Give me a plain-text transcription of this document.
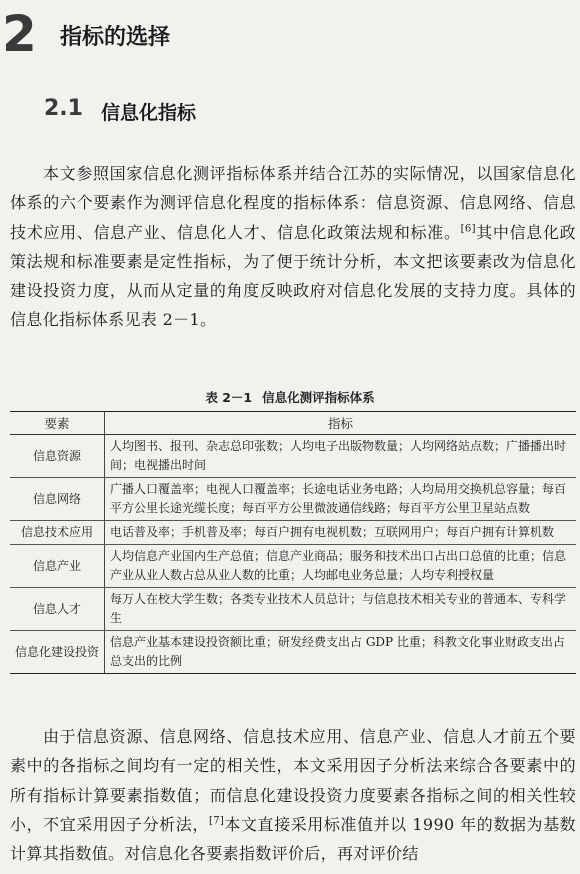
2 指标的选择
2.1 信息化指标

本文参照国家信息化测评指标体系并结合江苏的实际情况，以国家信息化体系的六个要素作为测评信息化程度的指标体系：信息资源、信息网络、信息技术应用、信息产业、信息化人才、信息化政策法规和标准。[6]其中信息化政策法规和标准要素是定性指标，为了便于统计分析，本文把该要素改为信息化建设投资力度，从而从定量的角度反映政府对信息化发展的支持力度。具体的信息化指标体系见表 2－1。

表 2－1 信息化测评指标体系
要素	指标
信息资源	人均图书、报刊、杂志总印张数；人均电子出版物数量；人均网络站点数；广播播出时间；电视播出时间
信息网络	广播人口覆盖率；电视人口覆盖率；长途电话业务电路；人均局用交换机总容量；每百平方公里长途光缆长度；每百平方公里微波通信线路；每百平方公里卫星站点数
信息技术应用	电话普及率；手机普及率；每百户拥有电视机数；互联网用户；每百户拥有计算机数
信息产业	人均信息产业国内生产总值；信息产业商品；服务和技术出口占出口总值的比重；信息产业从业人数占总从业人数的比重；人均邮电业务总量；人均专利授权量
信息人才	每万人在校大学生数；各类专业技术人员总计；与信息技术相关专业的普通本、专科学生
信息化建设投资	信息产业基本建设投资额比重；研发经费支出占 GDP 比重；科教文化事业财政支出占总支出的比例

由于信息资源、信息网络、信息技术应用、信息产业、信息人才前五个要素中的各指标之间均有一定的相关性，本文采用因子分析法来综合各要素中的所有指标计算要素指数值；而信息化建设投资力度要素各指标之间的相关性较小，不宜采用因子分析法，[7]本文直接采用标准值并以 1990 年的数据为基数计算其指数值。对信息化各要素指数评价后，再对评价结
